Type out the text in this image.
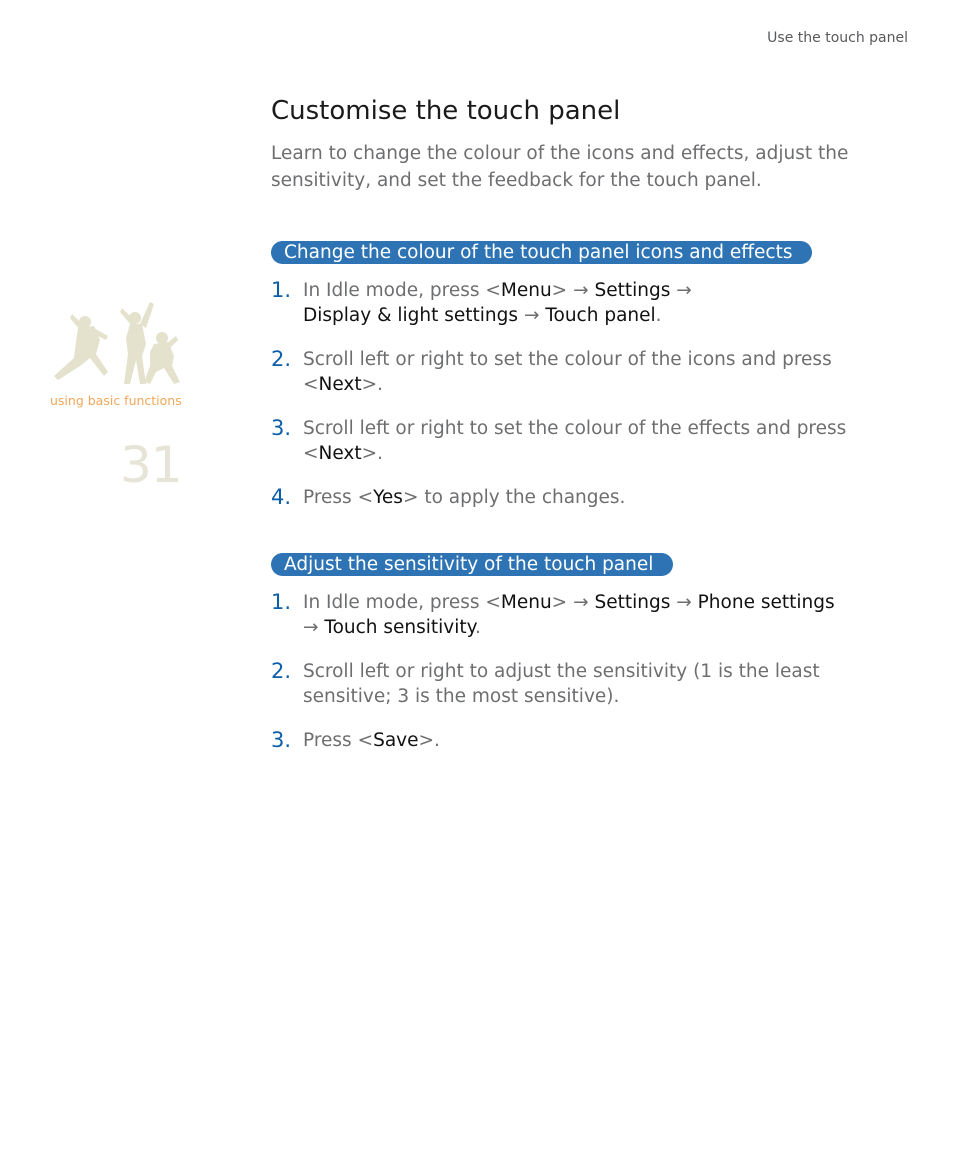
Use the touch panel
using basic functions
31
Customise the touch panel

Learn to change the colour of the icons and effects, adjust the sensitivity, and set the feedback for the touch panel.

Change the colour of the touch panel icons and effects
1. In Idle mode, press <Menu> → Settings →
Display & light settings → Touch panel.
2. Scroll left or right to set the colour of the icons and press <Next>.
3. Scroll left or right to set the colour of the effects and press <Next>.
4. Press <Yes> to apply the changes.
Adjust the sensitivity of the touch panel
1. In Idle mode, press <Menu> → Settings → Phone settings → Touch sensitivity.
2. Scroll left or right to adjust the sensitivity (1 is the least sensitive; 3 is the most sensitive).
3. Press <Save>.
